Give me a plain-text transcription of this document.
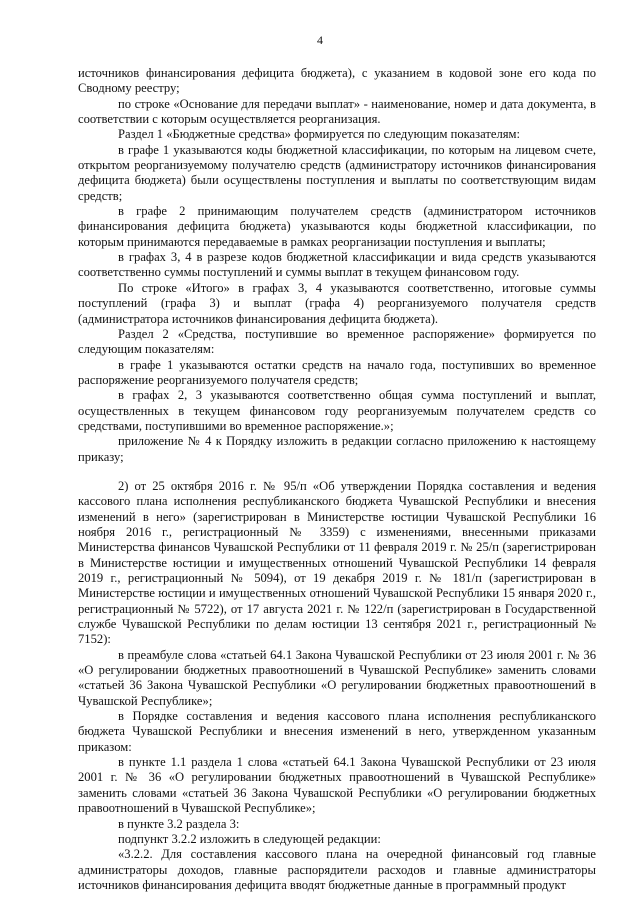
4

источников финансирования дефицита бюджета), с указанием в кодовой зоне его кода по Сводному реестру;

по строке «Основание для передачи выплат» - наименование, номер и дата документа, в соответствии с которым осуществляется реорганизация.

Раздел 1 «Бюджетные средства» формируется по следующим показателям:

в графе 1 указываются коды бюджетной классификации, по которым на лицевом счете, открытом реорганизуемому получателю средств (администратору источников финансирования дефицита бюджета) были осуществлены поступления и выплаты по соответствующим видам средств;

в графе 2 принимающим получателем средств (администратором источников финансирования дефицита бюджета) указываются коды бюджетной классификации, по которым принимаются передаваемые в рамках реорганизации поступления и выплаты;

в графах 3, 4 в разрезе кодов бюджетной классификации и вида средств указываются соответственно суммы поступлений и суммы выплат в текущем финансовом году.

По строке «Итого» в графах 3, 4 указываются соответственно, итоговые суммы поступлений (графа 3) и выплат (графа 4) реорганизуемого получателя средств (администратора источников финансирования дефицита бюджета).

Раздел 2 «Средства, поступившие во временное распоряжение» формируется по следующим показателям:

в графе 1 указываются остатки средств на начало года, поступивших во временное распоряжение реорганизуемого получателя средств;

в графах 2, 3 указываются соответственно общая сумма поступлений и выплат, осуществленных в текущем финансовом году реорганизуемым получателем средств со средствами, поступившими во временное распоряжение.»;

приложение № 4 к Порядку изложить в редакции согласно приложению к настоящему приказу;

2) от 25 октября 2016 г. № 95/п «Об утверждении Порядка составления и ведения кассового плана исполнения республиканского бюджета Чувашской Республики и внесения изменений в него» (зарегистрирован в Министерстве юстиции Чувашской Республики 16 ноября 2016 г., регистрационный № 3359) с изменениями, внесенными приказами Министерства финансов Чувашской Республики от 11 февраля 2019 г. № 25/п (зарегистрирован в Министерстве юстиции и имущественных отношений Чувашской Республики 14 февраля 2019 г., регистрационный № 5094), от 19 декабря 2019 г. № 181/п (зарегистрирован в Министерстве юстиции и имущественных отношений Чувашской Республики 15 января 2020 г., регистрационный № 5722), от 17 августа 2021 г. № 122/п (зарегистрирован в Государственной службе Чувашской Республики по делам юстиции 13 сентября 2021 г., регистрационный № 7152):

в преамбуле слова «статьей 64.1 Закона Чувашской Республики от 23 июля 2001 г. № 36 «О регулировании бюджетных правоотношений в Чувашской Республике» заменить словами «статьей 36 Закона Чувашской Республики «О регулировании бюджетных правоотношений в Чувашской Республике»;

в Порядке составления и ведения кассового плана исполнения республиканского бюджета Чувашской Республики и внесения изменений в него, утвержденном указанным приказом:

в пункте 1.1 раздела 1 слова «статьей 64.1 Закона Чувашской Республики от 23 июля 2001 г. № 36 «О регулировании бюджетных правоотношений в Чувашской Республике» заменить словами «статьей 36 Закона Чувашской Республики «О регулировании бюджетных правоотношений в Чувашской Республике»;

в пункте 3.2 раздела 3:

подпункт 3.2.2 изложить в следующей редакции:

«3.2.2. Для составления кассового плана на очередной финансовый год главные администраторы доходов, главные распорядители расходов и главные администраторы источников финансирования дефицита вводят бюджетные данные в программный продукт
